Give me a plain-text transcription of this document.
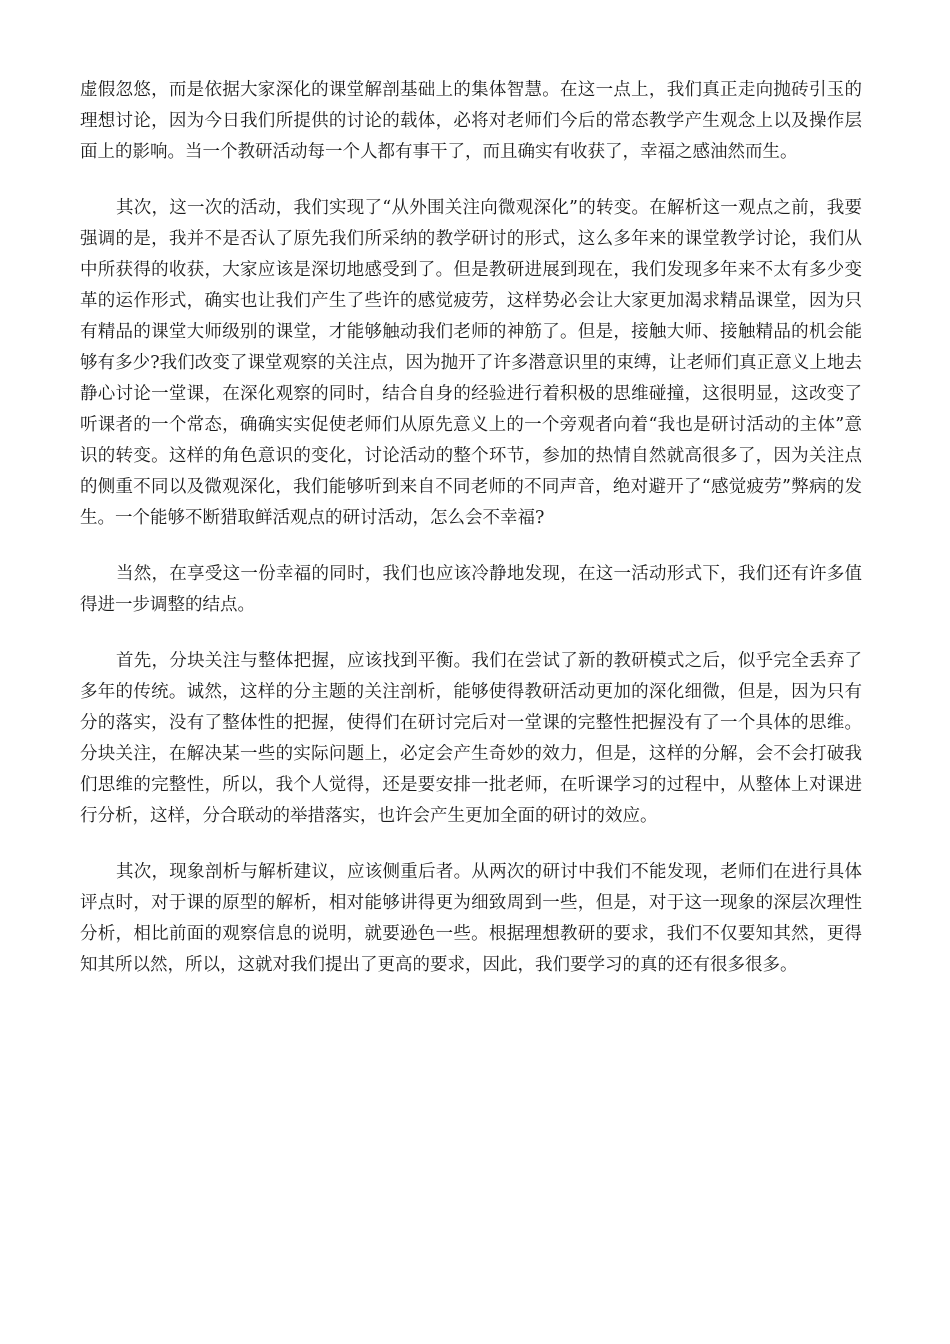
虚假忽悠，而是依据大家深化的课堂解剖基础上的集体智慧。在这一点上，我们真正走向抛砖引玉的理想讨论，因为今日我们所提供的讨论的载体，必将对老师们今后的常态教学产生观念上以及操作层面上的影响。当一个教研活动每一个人都有事干了，而且确实有收获了，幸福之感油然而生。

其次，这一次的活动，我们实现了“从外围关注向微观深化”的转变。在解析这一观点之前，我要强调的是，我并不是否认了原先我们所采纳的教学研讨的形式，这么多年来的课堂教学讨论，我们从中所获得的收获，大家应该是深切地感受到了。但是教研进展到现在，我们发现多年来不太有多少变革的运作形式，确实也让我们产生了些许的感觉疲劳，这样势必会让大家更加渴求精品课堂，因为只有精品的课堂大师级别的课堂，才能够触动我们老师的神筋了。但是，接触大师、接触精品的机会能够有多少?我们改变了课堂观察的关注点，因为抛开了许多潜意识里的束缚，让老师们真正意义上地去静心讨论一堂课，在深化观察的同时，结合自身的经验进行着积极的思维碰撞，这很明显，这改变了听课者的一个常态，确确实实促使老师们从原先意义上的一个旁观者向着“我也是研讨活动的主体”意识的转变。这样的角色意识的变化，讨论活动的整个环节，参加的热情自然就高很多了，因为关注点的侧重不同以及微观深化，我们能够听到来自不同老师的不同声音，绝对避开了“感觉疲劳”弊病的发生。一个能够不断猎取鲜活观点的研讨活动，怎么会不幸福?

当然，在享受这一份幸福的同时，我们也应该冷静地发现，在这一活动形式下，我们还有许多值得进一步调整的结点。

首先，分块关注与整体把握，应该找到平衡。我们在尝试了新的教研模式之后，似乎完全丢弃了多年的传统。诚然，这样的分主题的关注剖析，能够使得教研活动更加的深化细微，但是，因为只有分的落实，没有了整体性的把握，使得们在研讨完后对一堂课的完整性把握没有了一个具体的思维。分块关注，在解决某一些的实际问题上，必定会产生奇妙的效力，但是，这样的分解，会不会打破我们思维的完整性，所以，我个人觉得，还是要安排一批老师，在听课学习的过程中，从整体上对课进行分析，这样，分合联动的举措落实，也许会产生更加全面的研讨的效应。

其次，现象剖析与解析建议，应该侧重后者。从两次的研讨中我们不能发现，老师们在进行具体评点时，对于课的原型的解析，相对能够讲得更为细致周到一些，但是，对于这一现象的深层次理性分析，相比前面的观察信息的说明，就要逊色一些。根据理想教研的要求，我们不仅要知其然，更得知其所以然，所以，这就对我们提出了更高的要求，因此，我们要学习的真的还有很多很多。
